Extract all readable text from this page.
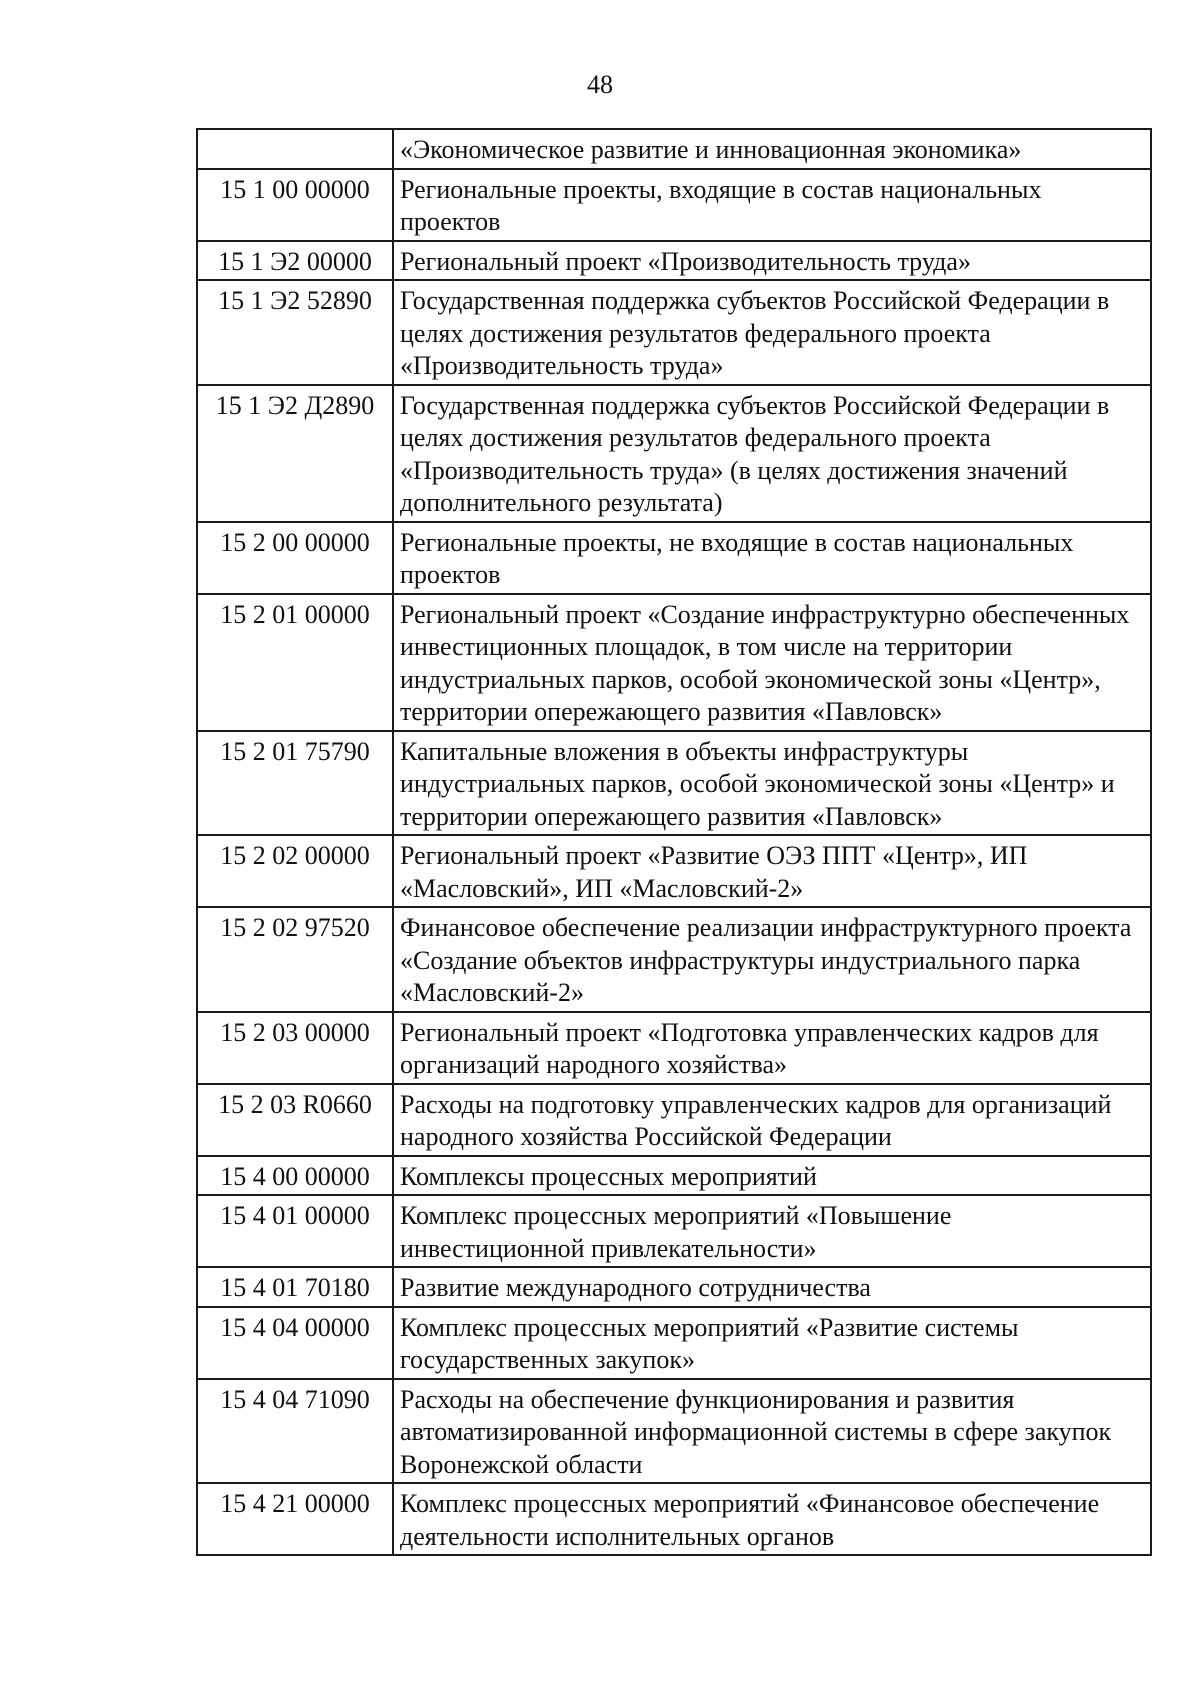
48
	«Экономическое развитие и инновационная экономика»
15 1 00 00000	Региональные проекты, входящие в состав национальных проектов
15 1 Э2 00000	Региональный проект «Производительность труда»
15 1 Э2 52890	Государственная поддержка субъектов Российской Федерации в целях достижения результатов федерального проекта «Производительность труда»
15 1 Э2 Д2890	Государственная поддержка субъектов Российской Федерации в целях достижения результатов федерального проекта «Производительность труда» (в целях достижения значений дополнительного результата)
15 2 00 00000	Региональные проекты, не входящие в состав национальных проектов
15 2 01 00000	Региональный проект «Создание инфраструктурно обеспеченных инвестиционных площадок, в том числе на территории индустриальных парков, особой экономической зоны «Центр», территории опережающего развития «Павловск»
15 2 01 75790	Капитальные вложения в объекты инфраструктуры индустриальных парков, особой экономической зоны «Центр» и территории опережающего развития «Павловск»
15 2 02 00000	Региональный проект «Развитие ОЭЗ ППТ «Центр», ИП «Масловский», ИП «Масловский-2»
15 2 02 97520	Финансовое обеспечение реализации инфраструктурного проекта «Создание объектов инфраструктуры индустриального парка «Масловский-2»
15 2 03 00000	Региональный проект «Подготовка управленческих кадров для организаций народного хозяйства»
15 2 03 R0660	Расходы на подготовку управленческих кадров для организаций народного хозяйства Российской Федерации
15 4 00 00000	Комплексы процессных мероприятий
15 4 01 00000	Комплекс процессных мероприятий «Повышение инвестиционной привлекательности»
15 4 01 70180	Развитие международного сотрудничества
15 4 04 00000	Комплекс процессных мероприятий «Развитие системы государственных закупок»
15 4 04 71090	Расходы на обеспечение функционирования и развития автоматизированной информационной системы в сфере закупок Воронежской области
15 4 21 00000	Комплекс процессных мероприятий «Финансовое обеспечение деятельности исполнительных органов
